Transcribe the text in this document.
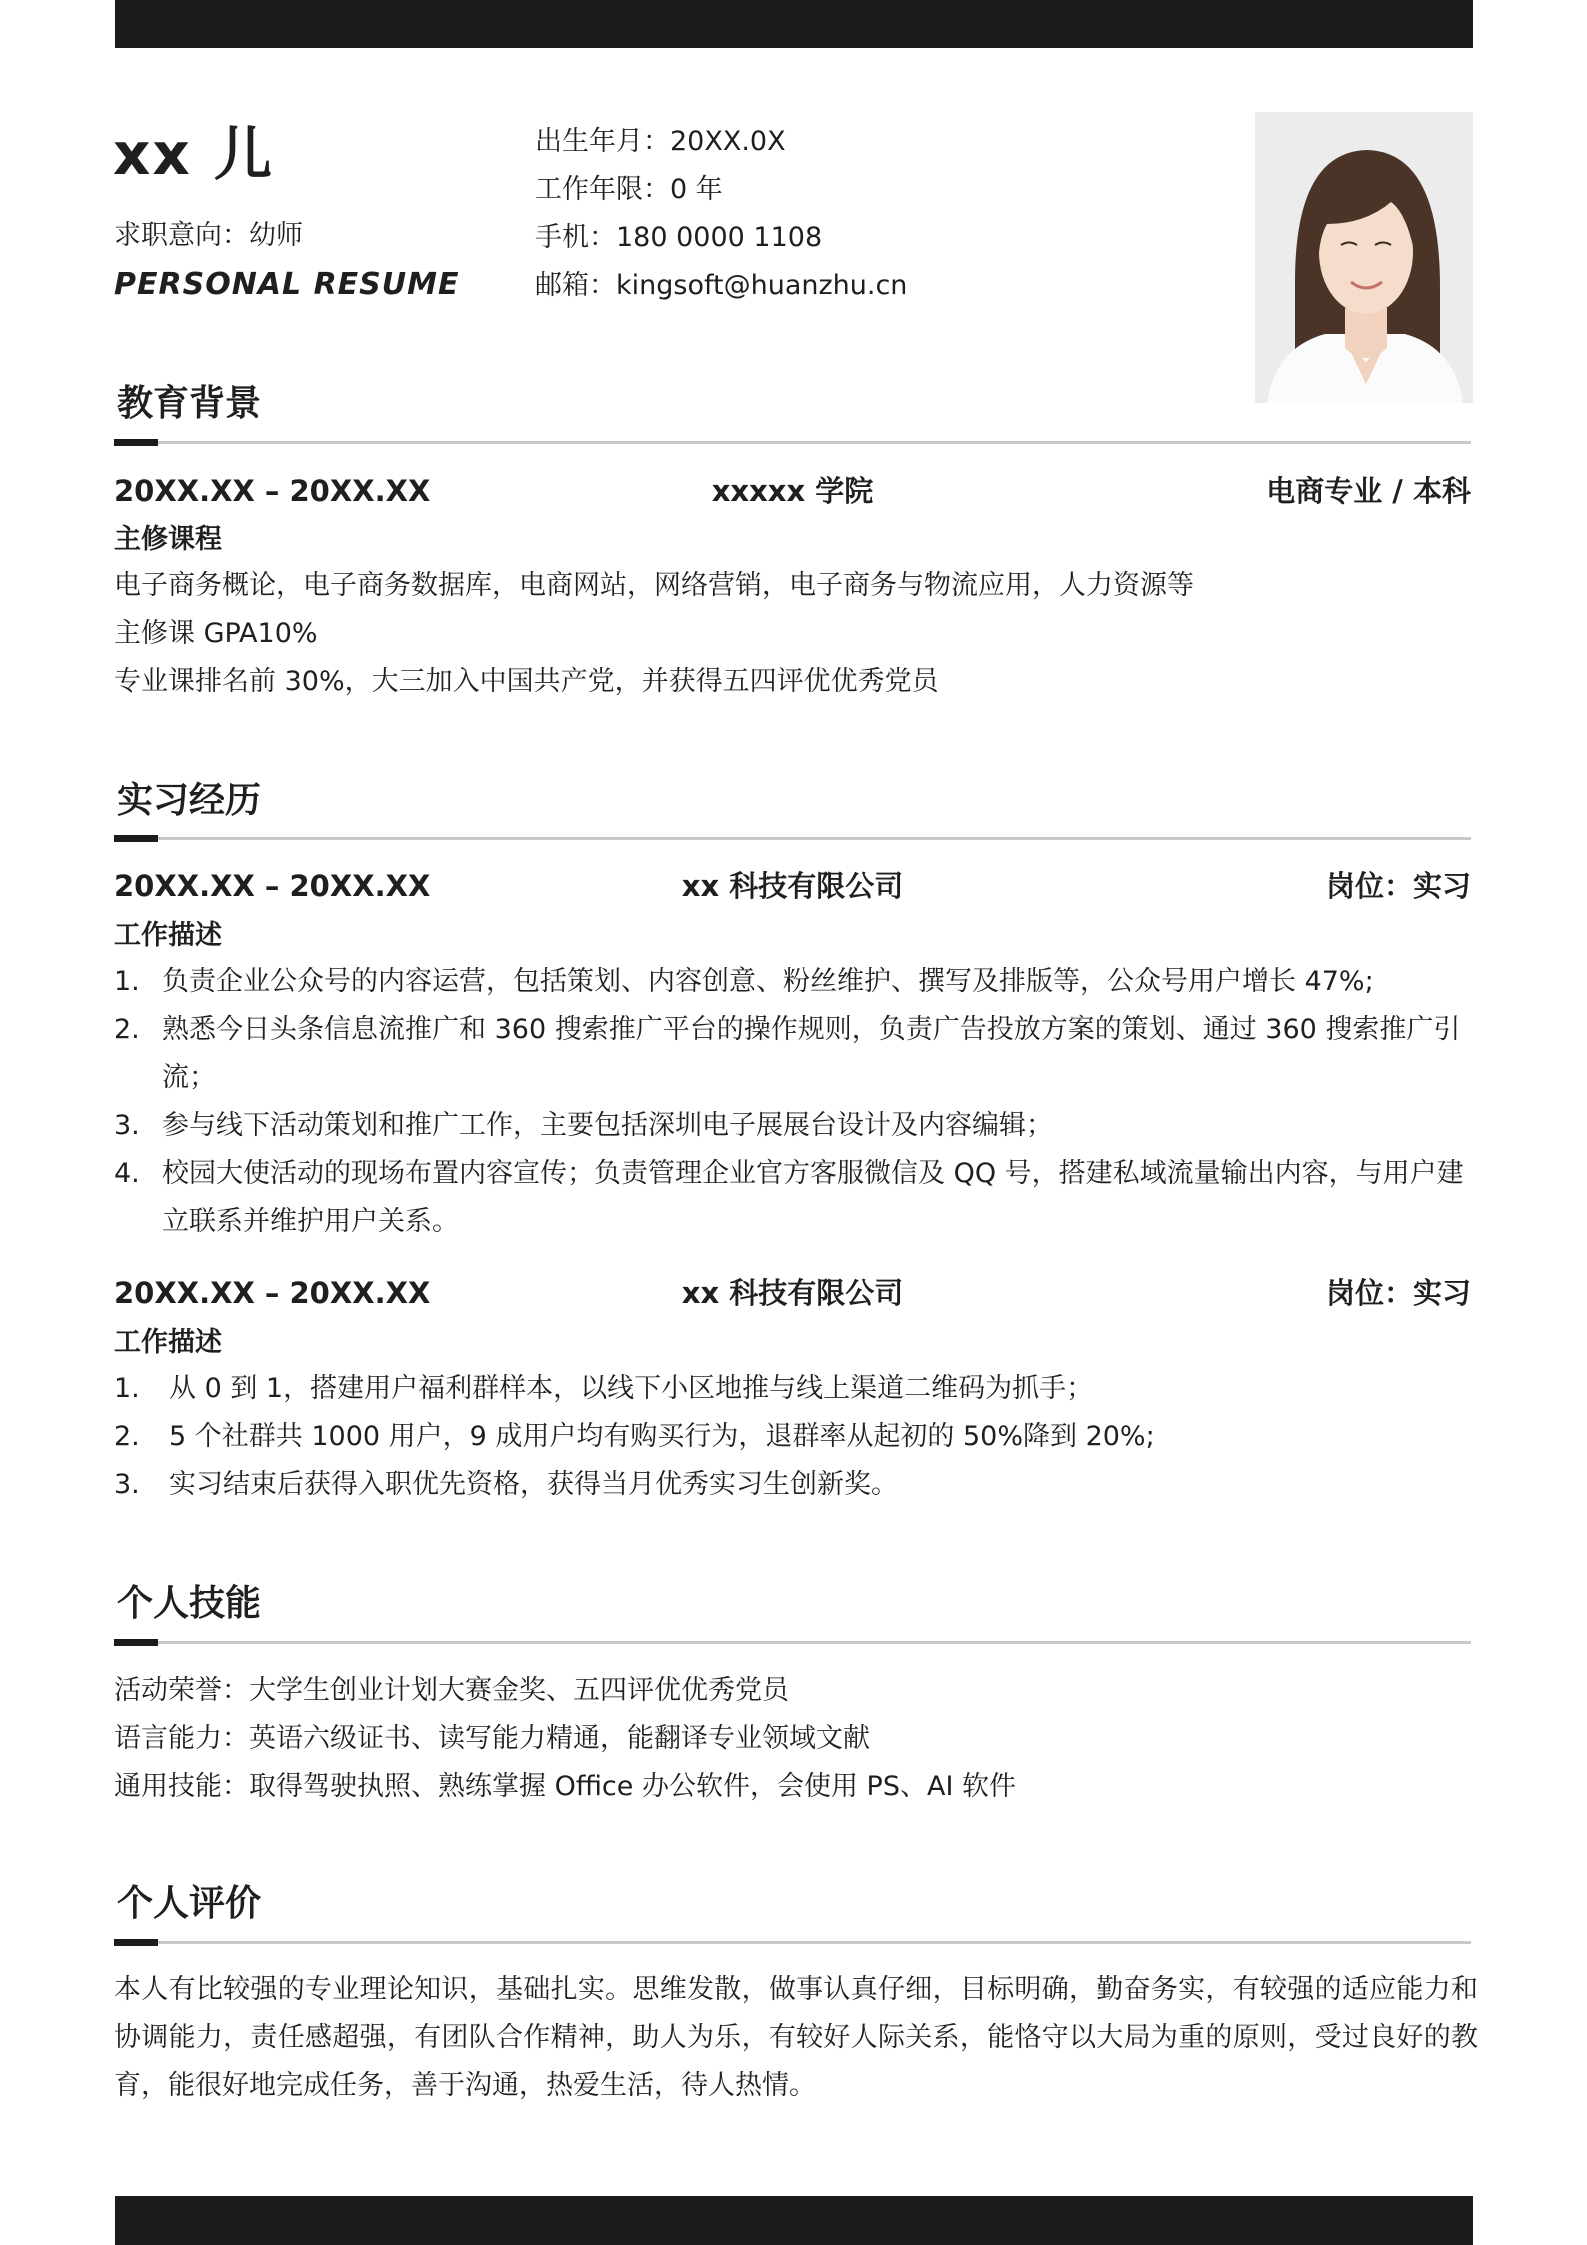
xx 儿
求职意向：幼师
PERSONAL RESUME
出生年月：20XX.0X
工作年限：0 年
手机：180 0000 1108
邮箱：kingsoft@huanzhu.cn
教育背景
20XX.XX – 20XX.XX	xxxxx 学院	电商专业 / 本科
主修课程
电子商务概论，电子商务数据库，电商网站，网络营销，电子商务与物流应用，人力资源等
主修课 GPA10%
专业课排名前 30%，大三加入中国共产党，并获得五四评优优秀党员
实习经历
20XX.XX – 20XX.XX	xx 科技有限公司	岗位：实习
工作描述
1. 负责企业公众号的内容运营，包括策划、内容创意、粉丝维护、撰写及排版等，公众号用户增长 47%;
2. 熟悉今日头条信息流推广和 360 搜索推广平台的操作规则，负责广告投放方案的策划、通过 360 搜索推广引流；
3. 参与线下活动策划和推广工作，主要包括深圳电子展展台设计及内容编辑；
4. 校园大使活动的现场布置内容宣传；负责管理企业官方客服微信及 QQ 号，搭建私域流量输出内容，与用户建立联系并维护用户关系。
20XX.XX – 20XX.XX	xx 科技有限公司	岗位：实习
工作描述
1. 从 0 到 1，搭建用户福利群样本，以线下小区地推与线上渠道二维码为抓手；
2. 5 个社群共 1000 用户，9 成用户均有购买行为，退群率从起初的 50%降到 20%;
3. 实习结束后获得入职优先资格，获得当月优秀实习生创新奖。
个人技能
活动荣誉：大学生创业计划大赛金奖、五四评优优秀党员
语言能力：英语六级证书、读写能力精通，能翻译专业领域文献
通用技能：取得驾驶执照、熟练掌握 Office 办公软件，会使用 PS、AI 软件
个人评价
本人有比较强的专业理论知识，基础扎实。思维发散，做事认真仔细，目标明确，勤奋务实，有较强的适应能力和协调能力，责任感超强，有团队合作精神，助人为乐，有较好人际关系，能恪守以大局为重的原则，受过良好的教育，能很好地完成任务，善于沟通，热爱生活，待人热情。
